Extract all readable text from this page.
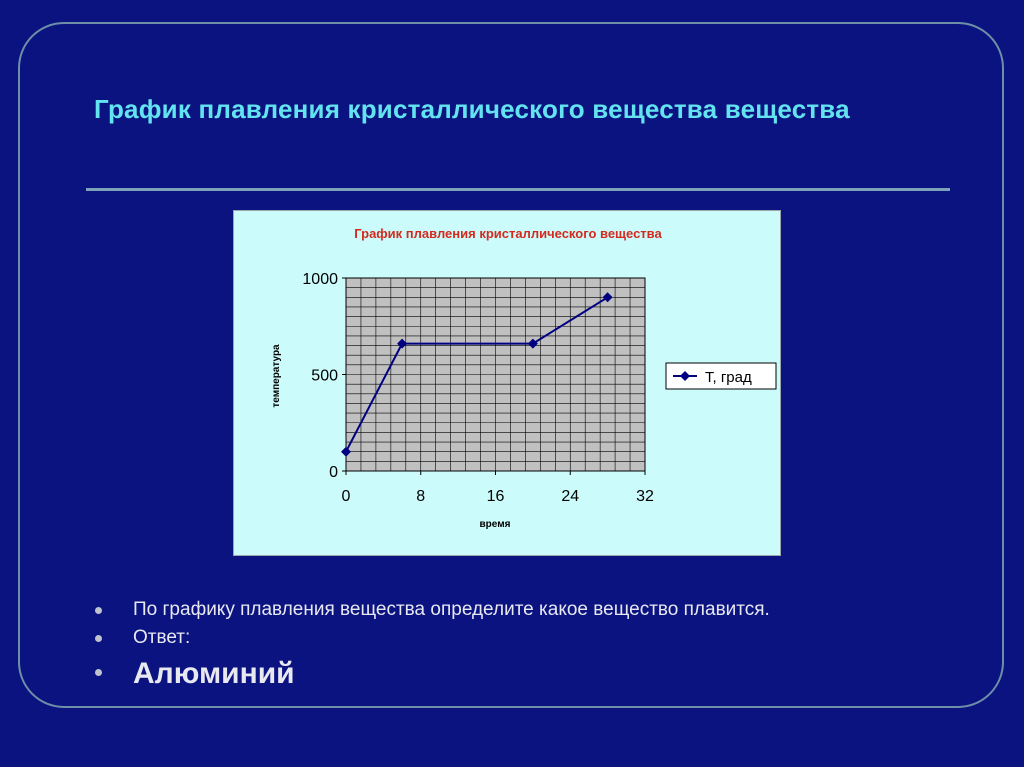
График плавления кристаллического вещества вещества
График плавления кристаллического вещества
0
500
1000
0	8	16	24	32
температура
время
T, град
По графику плавления вещества определите какое вещество плавится.
Ответ:
Алюминий
